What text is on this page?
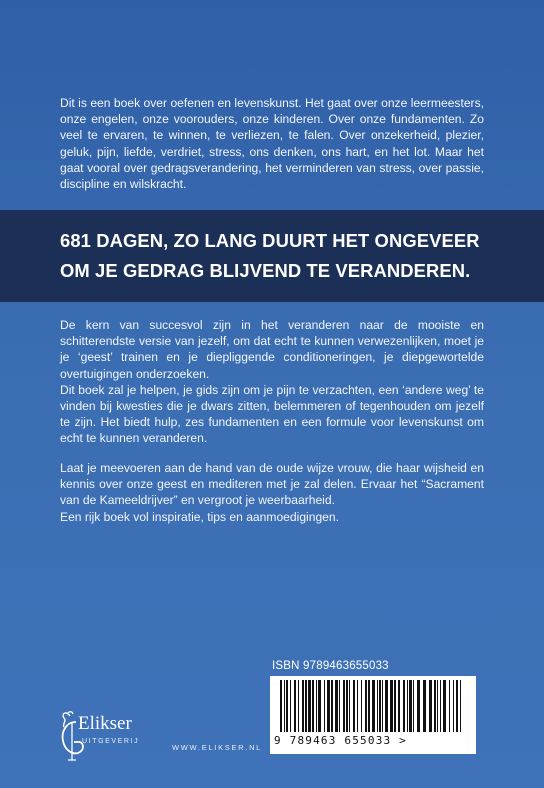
Dit is een boek over oefenen en levenskunst. Het gaat over onze leermeesters, onze engelen, onze voorouders, onze kinderen. Over onze fundamenten. Zo veel te ervaren, te winnen, te verliezen, te falen. Over onzekerheid, plezier, geluk, pijn, liefde, verdriet, stress, ons denken, ons hart, en het lot. Maar het gaat vooral over gedragsverandering, het verminderen van stress, over passie, discipline en wilskracht.

681 DAGEN, ZO LANG DUURT HET ONGEVEER OM JE GEDRAG BLIJVEND TE VERANDEREN.

De kern van succesvol zijn in het veranderen naar de mooiste en schitterendste versie van jezelf, om dat echt te kunnen verwezenlijken, moet je je ‘geest’ trainen en je diepliggende conditioneringen, je diepgewortelde overtuigingen onderzoeken.

Dit boek zal je helpen, je gids zijn om je pijn te verzachten, een ‘andere weg’ te vinden bij kwesties die je dwars zitten, belemmeren of tegenhouden om jezelf te zijn. Het biedt hulp, zes fundamenten en een formule voor levenskunst om echt te kunnen veranderen.

Laat je meevoeren aan de hand van de oude wijze vrouw, die haar wijsheid en kennis over onze geest en mediteren met je zal delen. Ervaar het “Sacrament van de Kameeldrijver” en vergroot je weerbaarheid.

Een rijk boek vol inspiratie, tips en aanmoedigingen.

ISBN 9789463655033
9 789463 655033 >
Elikser
UITGEVERIJ
WWW.ELIKSER.NL
